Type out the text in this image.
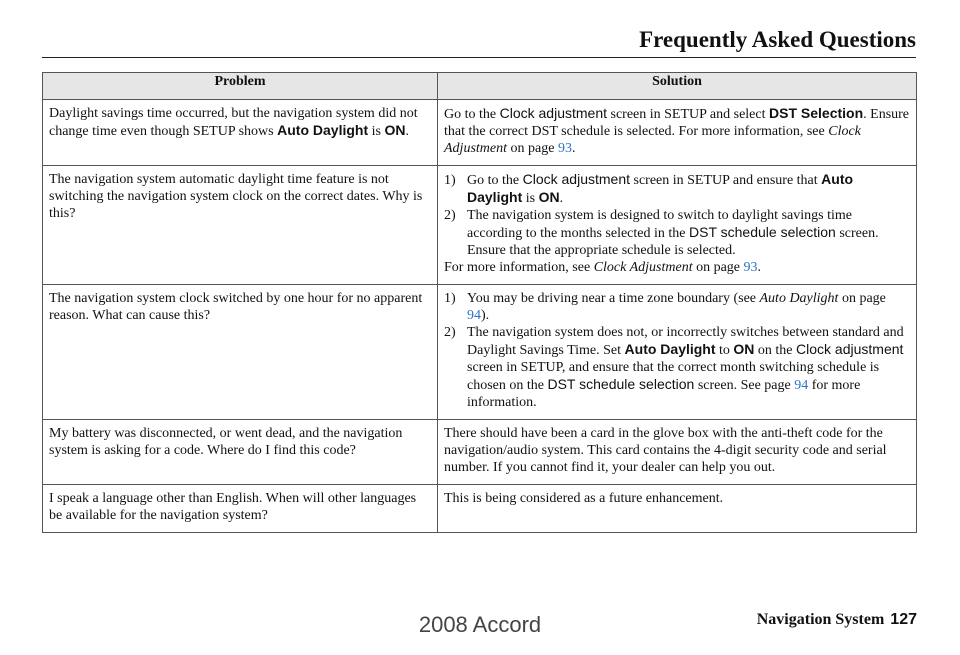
Frequently Asked Questions
Problem	Solution
Daylight savings time occurred, but the navigation system did not change time even though SETUP shows Auto Daylight is ON.	Go to the Clock adjustment screen in SETUP and select DST Selection. Ensure that the correct DST schedule is selected. For more information, see Clock Adjustment on page 93.
The navigation system automatic daylight time feature is not switching the navigation system clock on the correct dates. Why is this?	1) Go to the Clock adjustment screen in SETUP and ensure that Auto Daylight is ON.
2) The navigation system is designed to switch to daylight savings time according to the months selected in the DST schedule selection screen. Ensure that the appropriate schedule is selected.
For more information, see Clock Adjustment on page 93.

The navigation system clock switched by one hour for no apparent reason. What can cause this?	1) You may be driving near a time zone boundary (see Auto Daylight on page 94).
2) The navigation system does not, or incorrectly switches between standard and Daylight Savings Time. Set Auto Daylight to ON on the Clock adjustment screen in SETUP, and ensure that the correct month switching schedule is chosen on the DST schedule selection screen. See page 94 for more information.

My battery was disconnected, or went dead, and the navigation system is asking for a code. Where do I find this code?	There should have been a card in the glove box with the anti-theft code for the navigation/audio system. This card contains the 4-digit security code and serial number. If you cannot find it, your dealer can help you out.
I speak a language other than English. When will other languages be available for the navigation system?	This is being considered as a future enhancement.
Navigation System 127
2008 Accord
